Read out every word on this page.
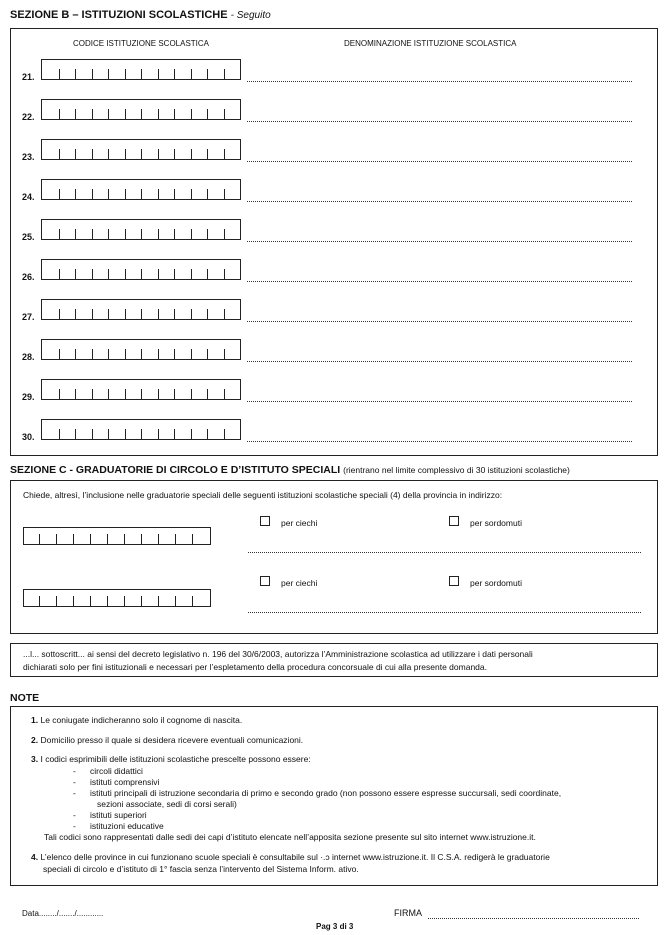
SEZIONE B – ISTITUZIONI SCOLASTICHE - Seguito
CODICE ISTITUZIONE SCOLASTICA	DENOMINAZIONE ISTITUZIONE SCOLASTICA
21.
22.
23.
24.
25.
26.
27.
28.
29.
30.
SEZIONE C - GRADUATORIE DI CIRCOLO E D’ISTITUTO SPECIALI (rientrano nel limite complessivo di 30 istituzioni scolastiche)
Chiede, altresì, l’inclusione nelle graduatorie speciali delle seguenti istituzioni scolastiche speciali (4) della provincia in indirizzo:
per ciechi	per sordomuti
per ciechi	per sordomuti
...l... sottoscritt... ai sensi del decreto legislativo n. 196 del 30/6/2003, autorizza l’Amministrazione scolastica ad utilizzare i dati personali
dichiarati solo per fini istituzionali e necessari per l’espletamento della procedura concorsuale di cui alla presente domanda.
NOTE
1. Le coniugate indicheranno solo il cognome di nascita.
2. Domicilio presso il quale si desidera ricevere eventuali comunicazioni.
3. I codici esprimibili delle istituzioni scolastiche prescelte possono essere:
-      circoli didattici
-      istituti comprensivi
-      istituti principali di istruzione secondaria di primo e secondo grado (non possono essere espresse succursali, sedi coordinate,
sezioni associate, sedi di corsi serali)
-      istituti superiori
-      istituzioni educative
Tali codici sono rappresentati dalle sedi dei capi d’istituto elencate nell’apposita sezione presente sul sito internet www.istruzione.it.
4. L’elenco delle province in cui funzionano scuole speciali è consultabile sul ·.ɔ internet www.istruzione.it. Il C.S.A. redigerà le graduatorie
speciali di circolo e d’istituto di 1° fascia senza l’intervento del Sistema Inform. ativo.
Data......../......./............	FIRMA
Pag 3 di 3
